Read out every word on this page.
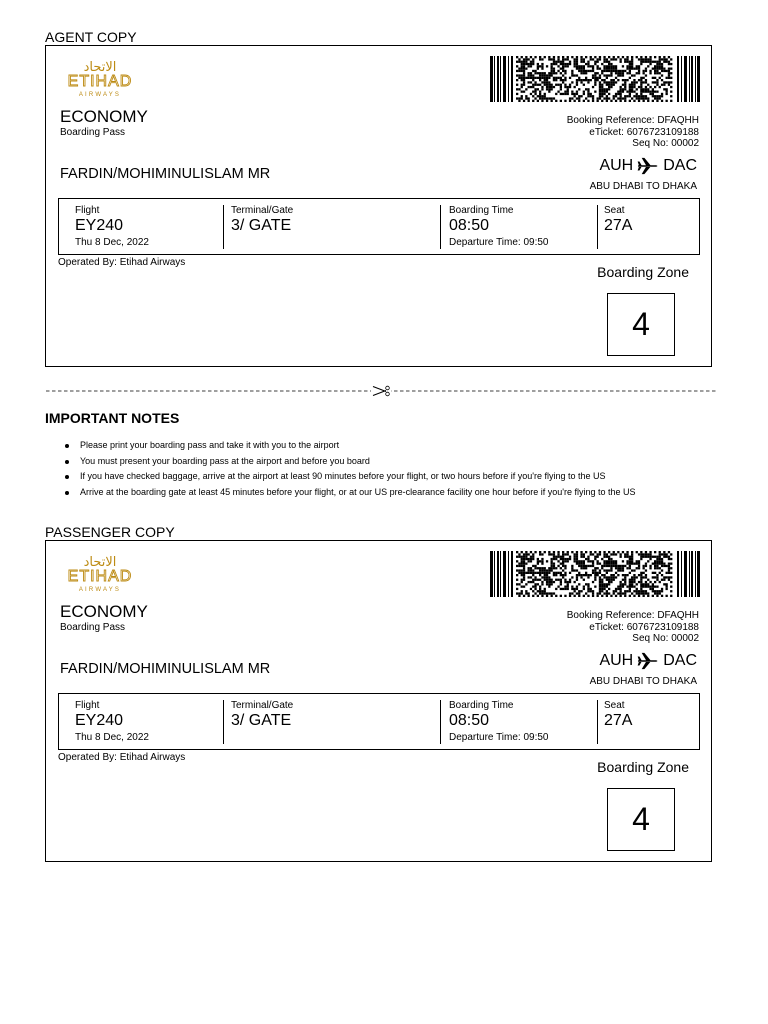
AGENT COPY
الاتحاد
ETIHAD
AIRWAYS
ECONOMY
Boarding Pass
Booking Reference: DFAQHH
eTicket: 6076723109188
Seq No: 00002
FARDIN/MOHIMINULISLAM MR	AUH DAC
ABU DHABI TO DHAKA
Flight
EY240
Thu 8 Dec, 2022
Terminal/Gate
3/ GATE
Boarding Time
08:50
Departure Time: 09:50
Seat
27A
Operated By: Etihad Airways
Boarding Zone
4
IMPORTANT NOTES
Please print your boarding pass and take it with you to the airport
You must present your boarding pass at the airport and before you board
If you have checked baggage, arrive at the airport at least 90 minutes before your flight, or two hours before if you're flying to the US
Arrive at the boarding gate at least 45 minutes before your flight, or at our US pre-clearance facility one hour before if you're flying to the US
PASSENGER COPY
الاتحاد
ETIHAD
AIRWAYS
ECONOMY
Boarding Pass
Booking Reference: DFAQHH
eTicket: 6076723109188
Seq No: 00002
FARDIN/MOHIMINULISLAM MR	AUH DAC
ABU DHABI TO DHAKA
Flight
EY240
Thu 8 Dec, 2022
Terminal/Gate
3/ GATE
Boarding Time
08:50
Departure Time: 09:50
Seat
27A
Operated By: Etihad Airways
Boarding Zone
4
